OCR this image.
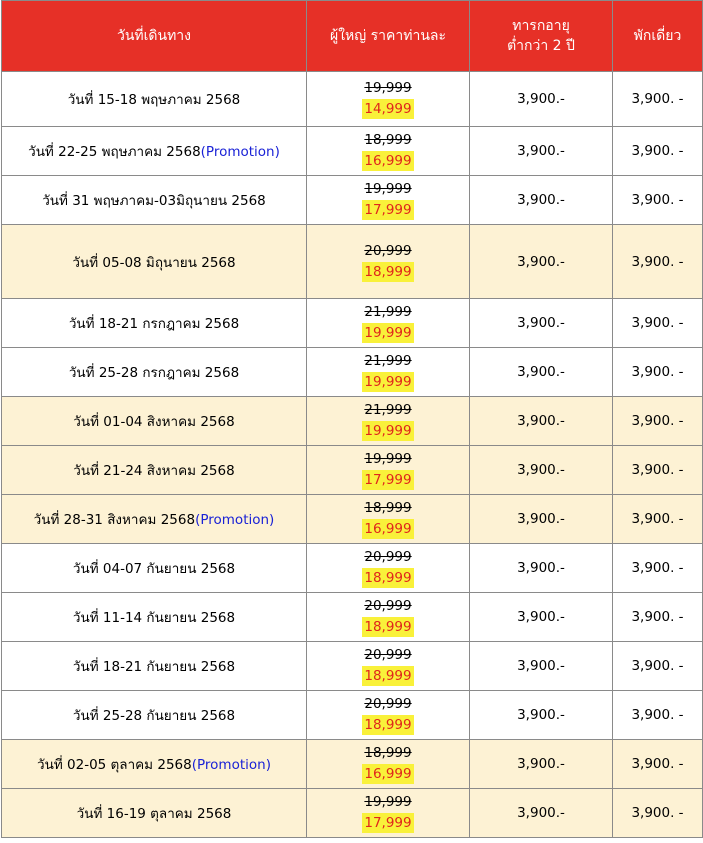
วันที่เดินทาง	ผู้ใหญ่ ราคาท่านละ	ทารกอายุ
ต่ำกว่า 2 ปี	พักเดี่ยว
วันที่ 15-18 พฤษภาคม 2568	19,999
14,999	3,900.-	3,900. -
วันที่ 22-25 พฤษภาคม 2568(Promotion)	18,999
16,999	3,900.-	3,900. -
วันที่ 31 พฤษภาคม-03มิถุนายน 2568	19,999
17,999	3,900.-	3,900. -
วันที่ 05-08 มิถุนายน 2568	20,999
18,999	3,900.-	3,900. -
วันที่ 18-21 กรกฎาคม 2568	21,999
19,999	3,900.-	3,900. -
วันที่ 25-28 กรกฎาคม 2568	21,999
19,999	3,900.-	3,900. -
วันที่ 01-04 สิงหาคม 2568	21,999
19,999	3,900.-	3,900. -
วันที่ 21-24 สิงหาคม 2568	19,999
17,999	3,900.-	3,900. -
วันที่ 28-31 สิงหาคม 2568(Promotion)	18,999
16,999	3,900.-	3,900. -
วันที่ 04-07 กันยายน 2568	20,999
18,999	3,900.-	3,900. -
วันที่ 11-14 กันยายน 2568	20,999
18,999	3,900.-	3,900. -
วันที่ 18-21 กันยายน 2568	20,999
18,999	3,900.-	3,900. -
วันที่ 25-28 กันยายน 2568	20,999
18,999	3,900.-	3,900. -
วันที่ 02-05 ตุลาคม 2568(Promotion)	18,999
16,999	3,900.-	3,900. -
วันที่ 16-19 ตุลาคม 2568	19,999
17,999	3,900.-	3,900. -
